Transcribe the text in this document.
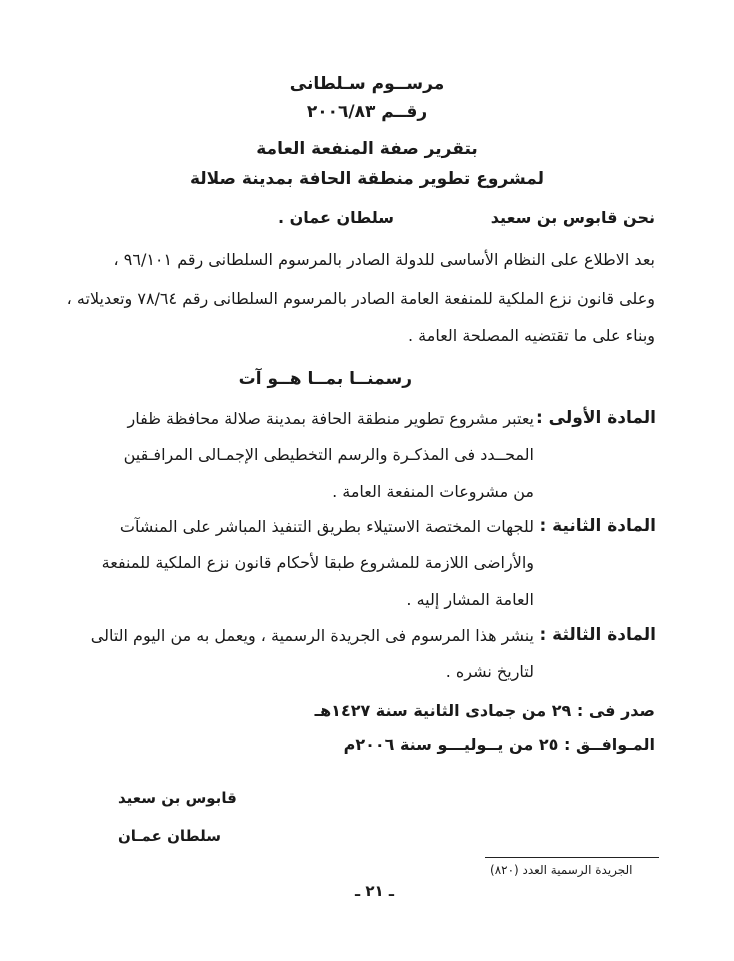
مرســوم سـلطانى

رقــم ٢٠٠٦/٨٣

بتقرير صفة المنفعة العامة

لمشروع تطوير منطقة الحافة بمدينة صلالة

نحن قابوس بن سعيد

سلطان عمان .

بعد الاطلاع على النظام الأساسى للدولة الصادر بالمرسوم السلطانى رقم ٩٦/١٠١ ،

وعلى قانون نزع الملكية للمنفعة العامة الصادر بالمرسوم السلطانى رقم ٧٨/٦٤ وتعديلاته ،

وبناء على ما تقتضيه المصلحة العامة .

رسمنــا بمــا هــو آت

المادة الأولى :

يعتبر مشروع تطوير منطقة الحافة بمدينة صلالة محافظة ظفار

المحــدد فى المذكـرة والرسم التخطيطى الإجمـالى المرافـقين

من مشروعات المنفعة العامة .

المادة الثانية :

للجهات المختصة الاستيلاء بطريق التنفيذ المباشر على المنشآت

والأراضى اللازمة للمشروع طبقا لأحكام قانون نزع الملكية للمنفعة

العامة المشار إليه .

المادة الثالثة :

ينشر هذا المرسوم فى الجريدة الرسمية ، ويعمل به من اليوم التالى

لتاريخ نشره .

صدر فى : ٢٩ من جمادى الثانية سنة ١٤٢٧هـ

المـوافــق : ٢٥ من يــوليـــو سنة ٢٠٠٦م

قابوس بن سعيد

سلطان عمـان

الجريدة الرسمية العدد (٨٢٠)

ـ ٢١ ـ
